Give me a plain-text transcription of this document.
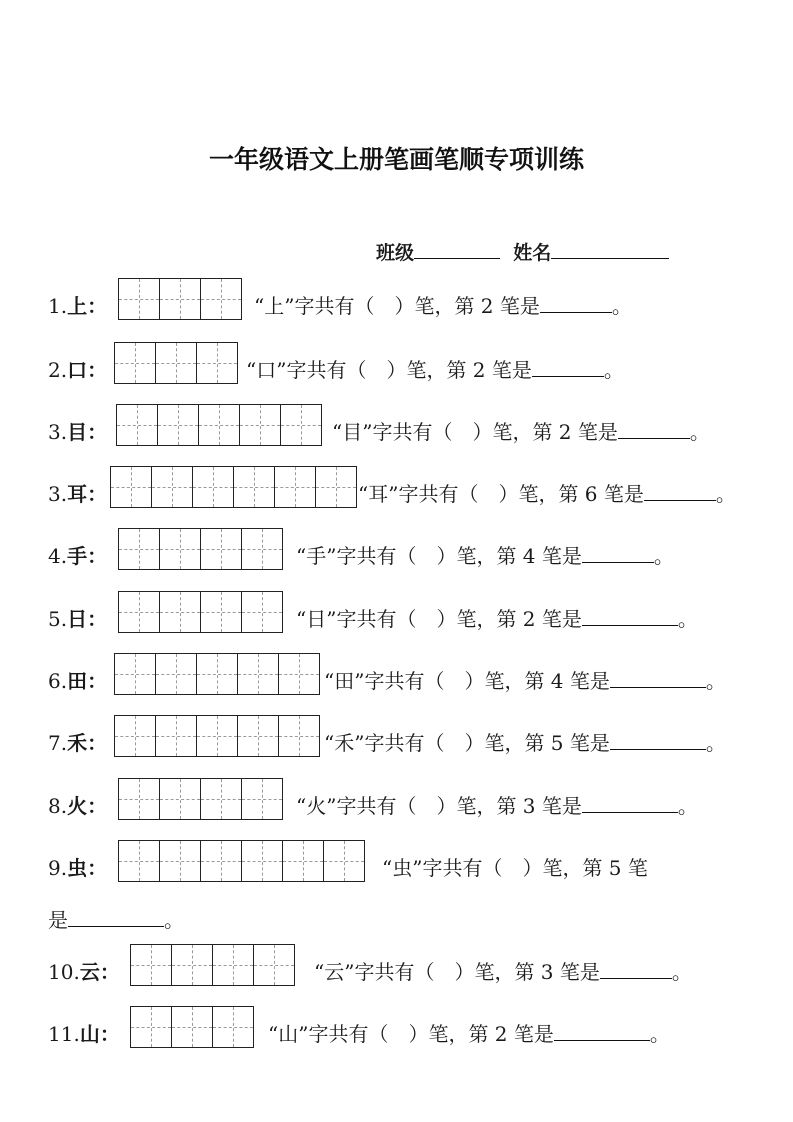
一年级语文上册笔画笔顺专项训练
班级	姓名
1.上：	“上”字共有（　）笔，第 2 笔是	。
2.口：	“口”字共有（　）笔，第 2 笔是	。
3.目：	“目”字共有（　）笔，第 2 笔是	。
3.耳：	“耳”字共有（　）笔，第 6 笔是	。
4.手：	“手”字共有（　）笔，第 4 笔是	。
5.日：	“日”字共有（　）笔，第 2 笔是	。
6.田：	“田”字共有（　）笔，第 4 笔是	。
7.禾：	“禾”字共有（　）笔，第 5 笔是	。
8.火：	“火”字共有（　）笔，第 3 笔是	。
9.虫：	“虫”字共有（　）笔，第 5 笔
10.云：	“云”字共有（　）笔，第 3 笔是	。
11.山：	“山”字共有（　）笔，第 2 笔是	。
是	。
